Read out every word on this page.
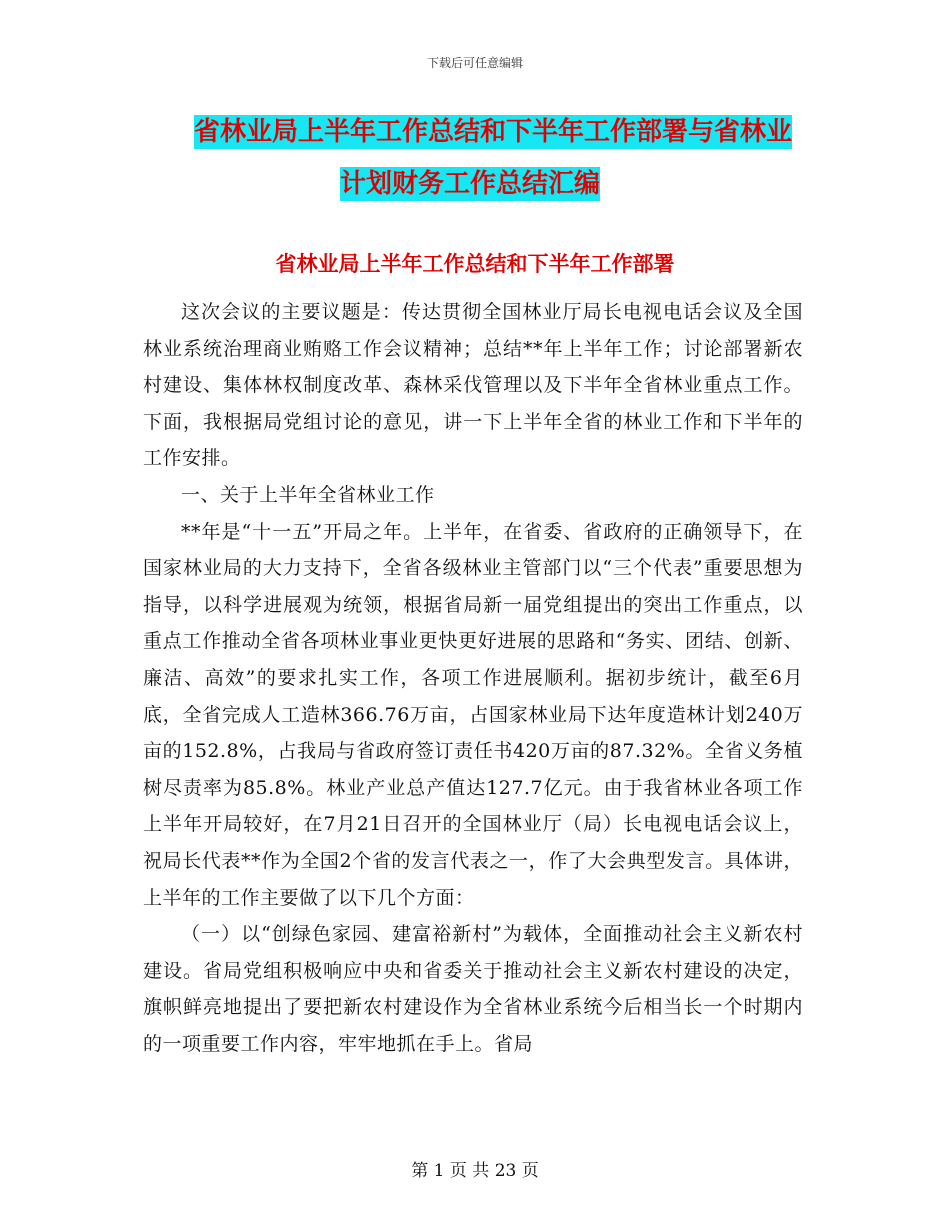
下载后可任意编辑
省林业局上半年工作总结和下半年工作部署与省林业
计划财务工作总结汇编
省林业局上半年工作总结和下半年工作部署

这次会议的主要议题是：传达贯彻全国林业厅局长电视电话会议及全国林业系统治理商业贿赂工作会议精神；总结**年上半年工作；讨论部署新农村建设、集体林权制度改革、森林采伐管理以及下半年全省林业重点工作。下面，我根据局党组讨论的意见，讲一下上半年全省的林业工作和下半年的工作安排。

一、关于上半年全省林业工作

**年是“十一五”开局之年。上半年，在省委、省政府的正确领导下，在国家林业局的大力支持下，全省各级林业主管部门以“三个代表”重要思想为指导，以科学进展观为统领，根据省局新一届党组提出的突出工作重点，以重点工作推动全省各项林业事业更快更好进展的思路和“务实、团结、创新、廉洁、高效”的要求扎实工作，各项工作进展顺利。据初步统计，截至6月底，全省完成人工造林366.76万亩，占国家林业局下达年度造林计划240万亩的152.8%，占我局与省政府签订责任书420万亩的87.32%。全省义务植树尽责率为85.8%。林业产业总产值达127.7亿元。由于我省林业各项工作上半年开局较好，在7月21日召开的全国林业厅（局）长电视电话会议上，祝局长代表**作为全国2个省的发言代表之一，作了大会典型发言。具体讲，上半年的工作主要做了以下几个方面：

（一）以“创绿色家园、建富裕新村”为载体，全面推动社会主义新农村建设。省局党组积极响应中央和省委关于推动社会主义新农村建设的决定，旗帜鲜亮地提出了要把新农村建设作为全省林业系统今后相当长一个时期内的一项重要工作内容，牢牢地抓在手上。省局

第 1 页 共 23 页
